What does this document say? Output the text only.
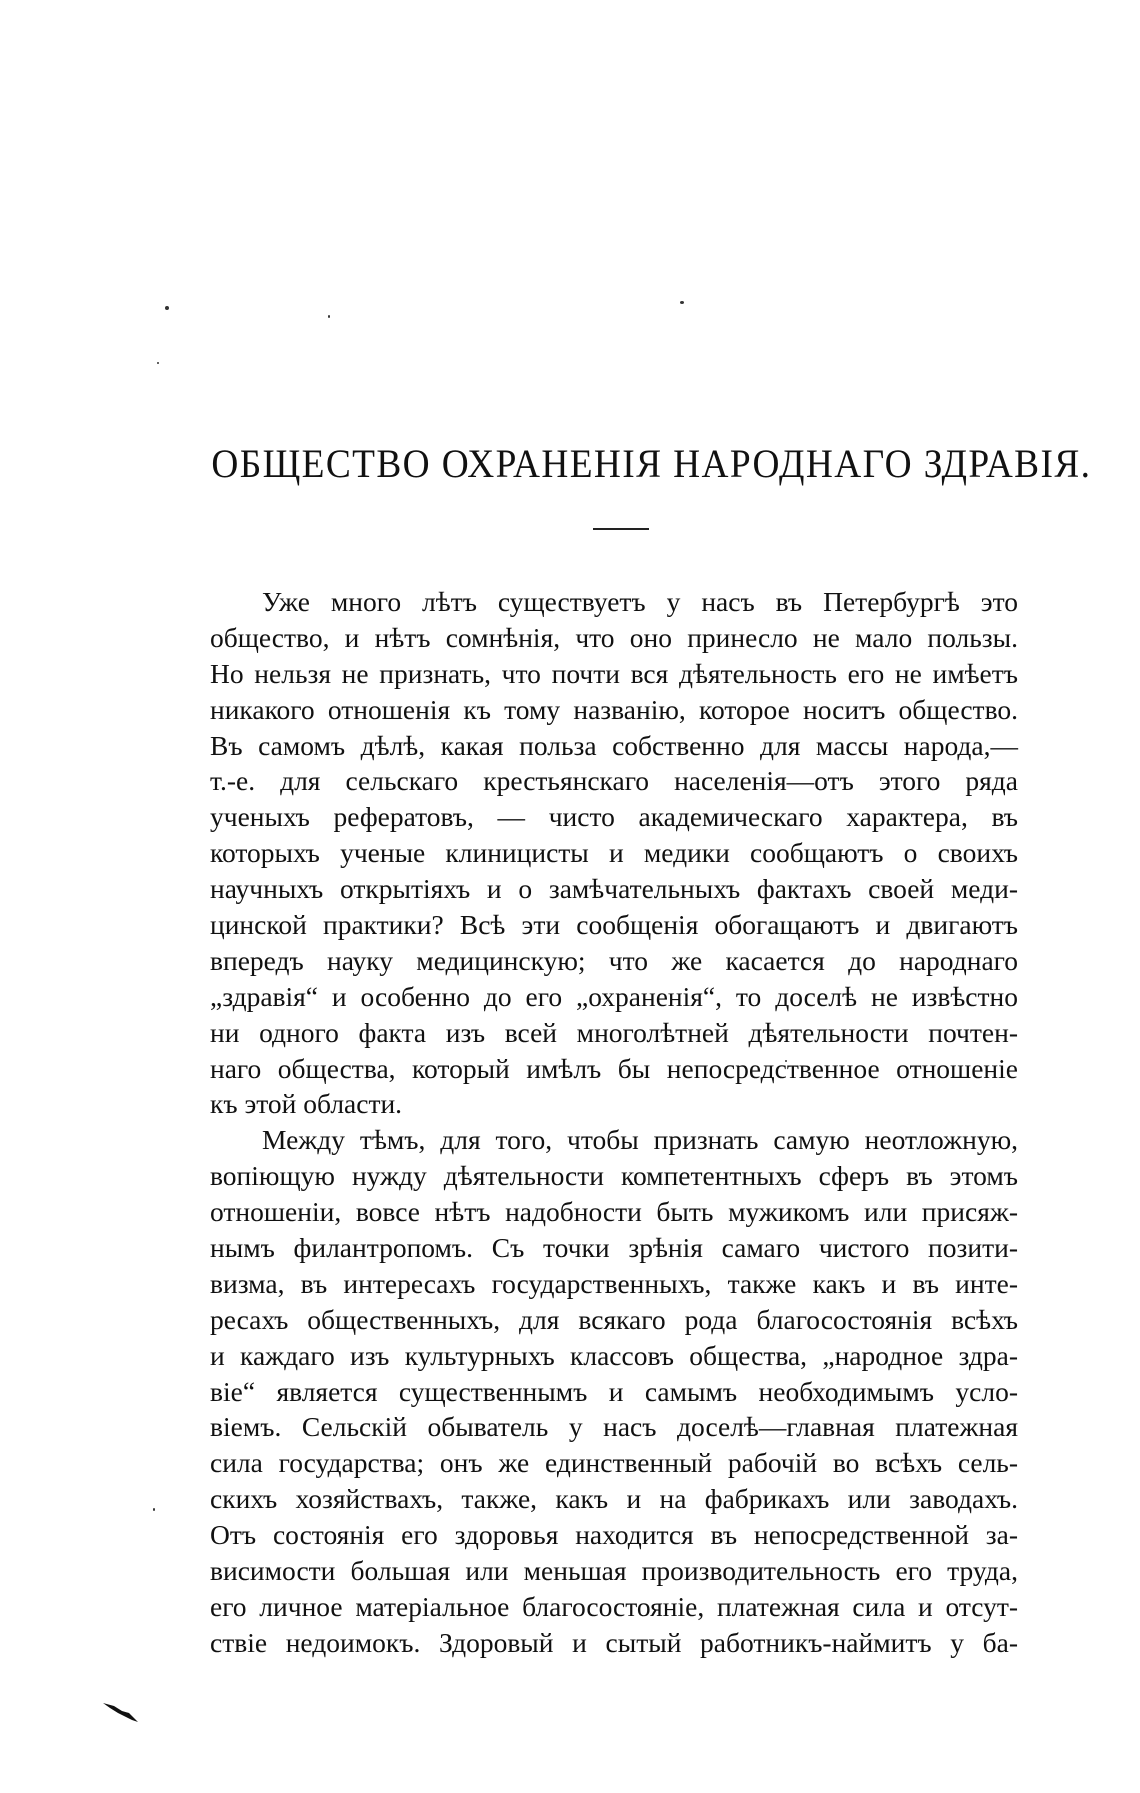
ОБЩЕСТВО ОХРАНЕНІЯ НАРОДНАГО ЗДРАВІЯ.
Уже много лѣтъ существуетъ у насъ въ Петербургѣ это
общество, и нѣтъ сомнѣнія, что оно принесло не мало пользы.
Но нельзя не признать, что почти вся дѣятельность его не имѣетъ
никакого отношенія къ тому названію, которое носитъ общество.
Въ самомъ дѣлѣ, какая польза собственно для массы народа,—
т.-е. для сельскаго крестьянскаго населенія—отъ этого ряда
ученыхъ рефератовъ, — чисто академическаго характера, въ
которыхъ ученые клиницисты и медики сообщаютъ о своихъ
научныхъ открытіяхъ и о замѣчательныхъ фактахъ своей меди-
цинской практики? Всѣ эти сообщенія обогащаютъ и двигаютъ
впередъ науку медицинскую; что же касается до народнаго
„здравія“ и особенно до его „охраненія“, то доселѣ не извѣстно
ни одного факта изъ всей многолѣтней дѣятельности почтен-
наго общества, который имѣлъ бы непосредственное отношеніе
къ этой области.
Между тѣмъ, для того, чтобы признать самую неотложную,
вопіющую нужду дѣятельности компетентныхъ сферъ въ этомъ
отношеніи, вовсе нѣтъ надобности быть мужикомъ или присяж-
нымъ филантропомъ. Съ точки зрѣнія самаго чистого позити-
визма, въ интересахъ государственныхъ, также какъ и въ инте-
ресахъ общественныхъ, для всякаго рода благосостоянія всѣхъ
и каждаго изъ культурныхъ классовъ общества, „народное здра-
віе“ является существеннымъ и самымъ необходимымъ усло-
віемъ. Сельскій обыватель у насъ доселѣ—главная платежная
сила государства; онъ же единственный рабочій во всѣхъ сель-
скихъ хозяйствахъ, также, какъ и на фабрикахъ или заводахъ.
Отъ состоянія его здоровья находится въ непосредственной за-
висимости большая или меньшая производительность его труда,
его личное матеріальное благосостояніе, платежная сила и отсут-
ствіе недоимокъ. Здоровый и сытый работникъ-наймитъ у ба-
